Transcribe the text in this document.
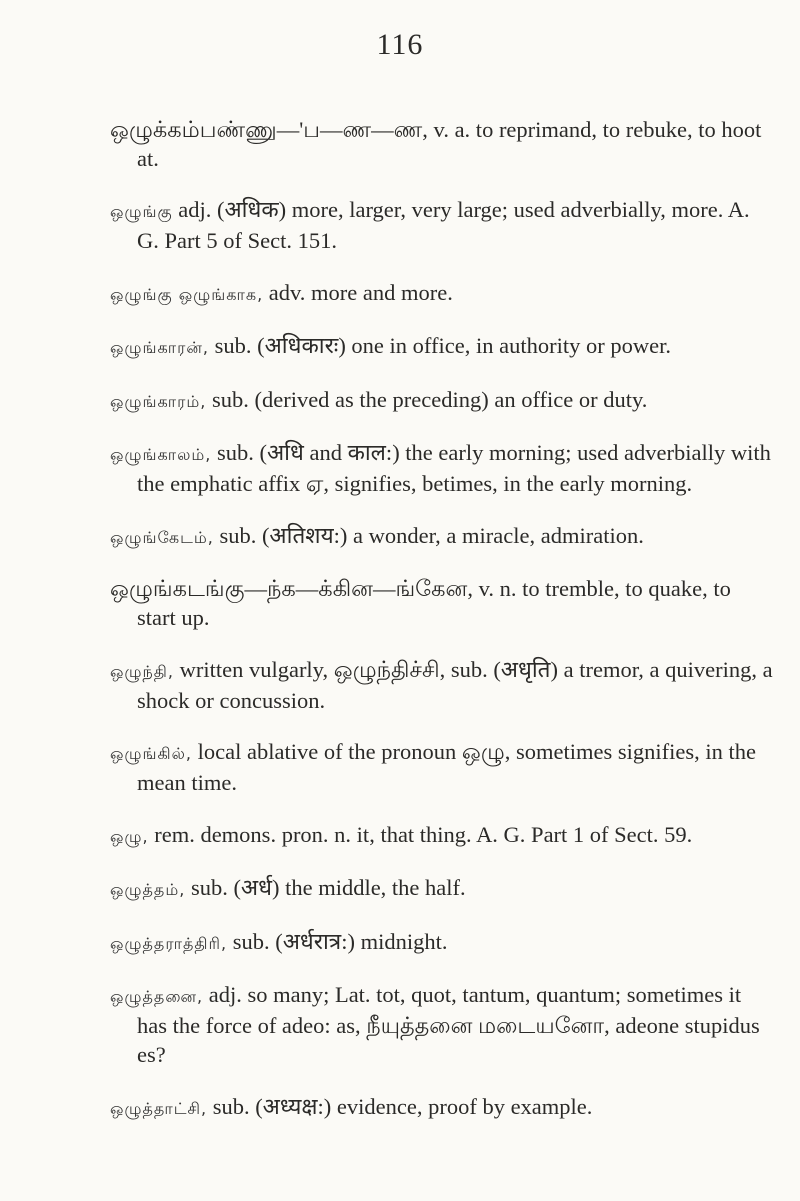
116

ஒழுக்கம்பண்ணு—'ப—ண—ண, v. a. to reprimand, to rebuke, to hoot at.

ஒழுங்கு adj. (अधिक) more, larger, very large; used adverbially, more. A. G. Part 5 of Sect. 151.

ஒழுங்கு ஒழுங்காக, adv. more and more.

ஒழுங்காரன், sub. (अधिकारः) one in office, in authority or power.

ஒழுங்காரம், sub. (derived as the preceding) an office or duty.

ஒழுங்காலம், sub. (अधि and काल:) the early morning; used adverbially with the emphatic affix ஏ, signifies, betimes, in the early morning.

ஒழுங்கேடம், sub. (अतिशय:) a wonder, a miracle, admiration.

ஒழுங்கடங்கு—ந்க—க்கின—ங்கேன, v. n. to tremble, to quake, to start up.

ஒழுந்தி, written vulgarly, ஒழுந்திச்சி, sub. (अधृति) a tremor, a quivering, a shock or concussion.

ஒழுங்கில், local ablative of the pronoun ஒழு, sometimes signifies, in the mean time.

ஒழு, rem. demons. pron. n. it, that thing. A. G. Part 1 of Sect. 59.

ஒழுத்தம், sub. (अर्ध) the middle, the half.

ஒழுத்தராத்திரி, sub. (अर्धरात्र:) midnight.

ஒழுத்தனை, adj. so many; Lat. tot, quot, tantum, quantum; sometimes it has the force of adeo: as, நீயுத்தனை மடையனோ, adeone stupidus es?

ஒழுத்தாட்சி, sub. (अध्यक्ष:) evidence, proof by example.
